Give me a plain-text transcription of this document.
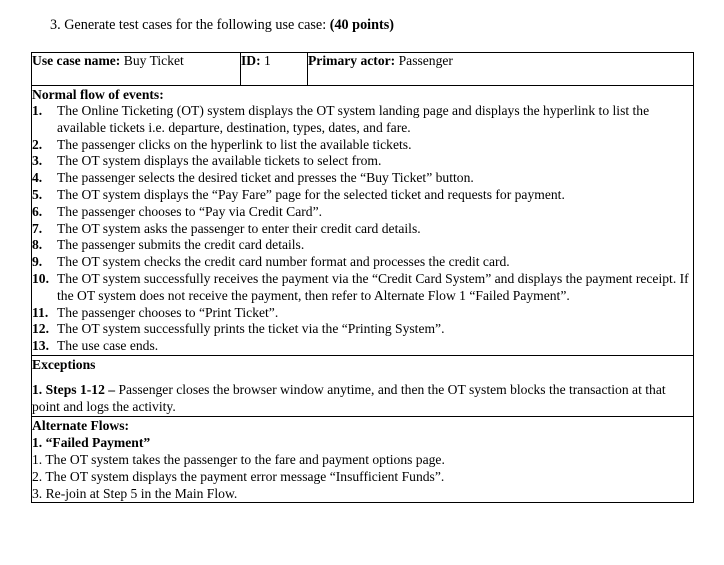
3. Generate test cases for the following use case: (40 points)
Use case name: Buy Ticket	ID: 1	Primary actor: Passenger

Normal flow of events:
1. The Online Ticketing (OT) system displays the OT system landing page and displays the hyperlink to list the available tickets i.e. departure, destination, types, dates, and fare.
2. The passenger clicks on the hyperlink to list the available tickets.
3. The OT system displays the available tickets to select from.
4. The passenger selects the desired ticket and presses the “Buy Ticket” button.
5. The OT system displays the “Pay Fare” page for the selected ticket and requests for payment.
6. The passenger chooses to “Pay via Credit Card”.
7. The OT system asks the passenger to enter their credit card details.
8. The passenger submits the credit card details.
9. The OT system checks the credit card number format and processes the credit card.
10. The OT system successfully receives the payment via the “Credit Card System” and displays the payment receipt. If the OT system does not receive the payment, then refer to Alternate Flow 1 “Failed Payment”.
11. The passenger chooses to “Print Ticket”.
12. The OT system successfully prints the ticket via the “Printing System”.
13. The use case ends.

Exceptions
1. Steps 1-12 – Passenger closes the browser window anytime, and then the OT system blocks the transaction at that point and logs the activity.

Alternate Flows:
1. “Failed Payment”
1. The OT system takes the passenger to the fare and payment options page.
2. The OT system displays the payment error message “Insufficient Funds”.
3. Re-join at Step 5 in the Main Flow.
